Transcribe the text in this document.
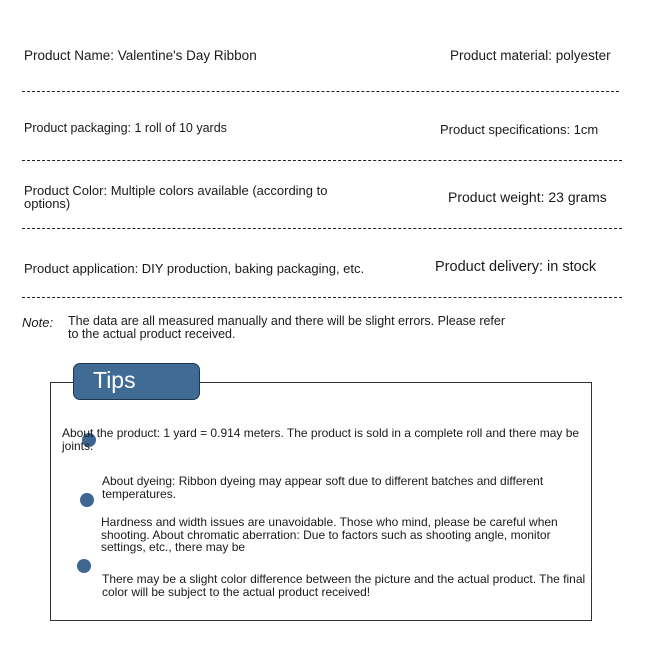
Product Name: Valentine's Day Ribbon	Product material: polyester
Product packaging: 1 roll of 10 yards	Product specifications: 1cm
Product Color: Multiple colors available (according to options)	Product weight: 23 grams
Product application: DIY production, baking packaging, etc.	Product delivery: in stock
Note: The data are all measured manually and there will be slight errors. Please refer to the actual product received.
Tips
About the product: 1 yard = 0.914 meters. The product is sold in a complete roll and there may be joints.
About dyeing: Ribbon dyeing may appear soft due to different batches and different temperatures.
Hardness and width issues are unavoidable. Those who mind, please be careful when shooting. About chromatic aberration: Due to factors such as shooting angle, monitor settings, etc., there may be
There may be a slight color difference between the picture and the actual product. The final color will be subject to the actual product received!
